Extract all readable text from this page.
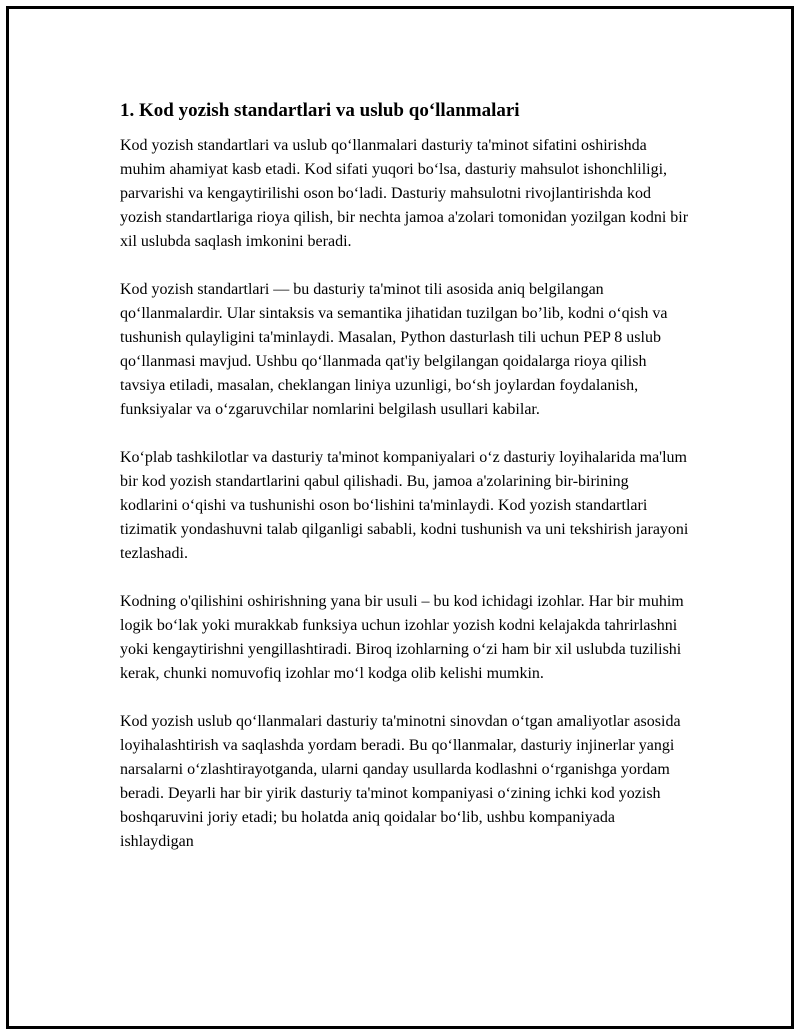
1. Kod yozish standartlari va uslub qo‘llanmalari

Kod yozish standartlari va uslub qo‘llanmalari dasturiy ta'minot sifatini oshirishda muhim ahamiyat kasb etadi. Kod sifati yuqori bo‘lsa, dasturiy mahsulot ishonchliligi, parvarishi va kengaytirilishi oson bo‘ladi. Dasturiy mahsulotni rivojlantirishda kod yozish standartlariga rioya qilish, bir nechta jamoa a'zolari tomonidan yozilgan kodni bir xil uslubda saqlash imkonini beradi.

Kod yozish standartlari — bu dasturiy ta'minot tili asosida aniq belgilangan qo‘llanmalardir. Ular sintaksis va semantika jihatidan tuzilgan bo’lib, kodni o‘qish va tushunish qulayligini ta'minlaydi. Masalan, Python dasturlash tili uchun PEP 8 uslub qo‘llanmasi mavjud. Ushbu qo‘llanmada qat'iy belgilangan qoidalarga rioya qilish tavsiya etiladi, masalan, cheklangan liniya uzunligi, bo‘sh joylardan foydalanish, funksiyalar va o‘zgaruvchilar nomlarini belgilash usullari kabilar.

Ko‘plab tashkilotlar va dasturiy ta'minot kompaniyalari o‘z dasturiy loyihalarida ma'lum bir kod yozish standartlarini qabul qilishadi. Bu, jamoa a'zolarining bir-birining kodlarini o‘qishi va tushunishi oson bo‘lishini ta'minlaydi. Kod yozish standartlari tizimatik yondashuvni talab qilganligi sababli, kodni tushunish va uni tekshirish jarayoni tezlashadi.

Kodning o'qilishini oshirishning yana bir usuli – bu kod ichidagi izohlar. Har bir muhim logik bo‘lak yoki murakkab funksiya uchun izohlar yozish kodni kelajakda tahrirlashni yoki kengaytirishni yengillashtiradi. Biroq izohlarning o‘zi ham bir xil uslubda tuzilishi kerak, chunki nomuvofiq izohlar mo‘l kodga olib kelishi mumkin.

Kod yozish uslub qo‘llanmalari dasturiy ta'minotni sinovdan o‘tgan amaliyotlar asosida loyihalashtirish va saqlashda yordam beradi. Bu qo‘llanmalar, dasturiy injinerlar yangi narsalarni o‘zlashtirayotganda, ularni qanday usullarda kodlashni o‘rganishga yordam beradi. Deyarli har bir yirik dasturiy ta'minot kompaniyasi o‘zining ichki kod yozish boshqaruvini joriy etadi; bu holatda aniq qoidalar bo‘lib, ushbu kompaniyada ishlaydigan
